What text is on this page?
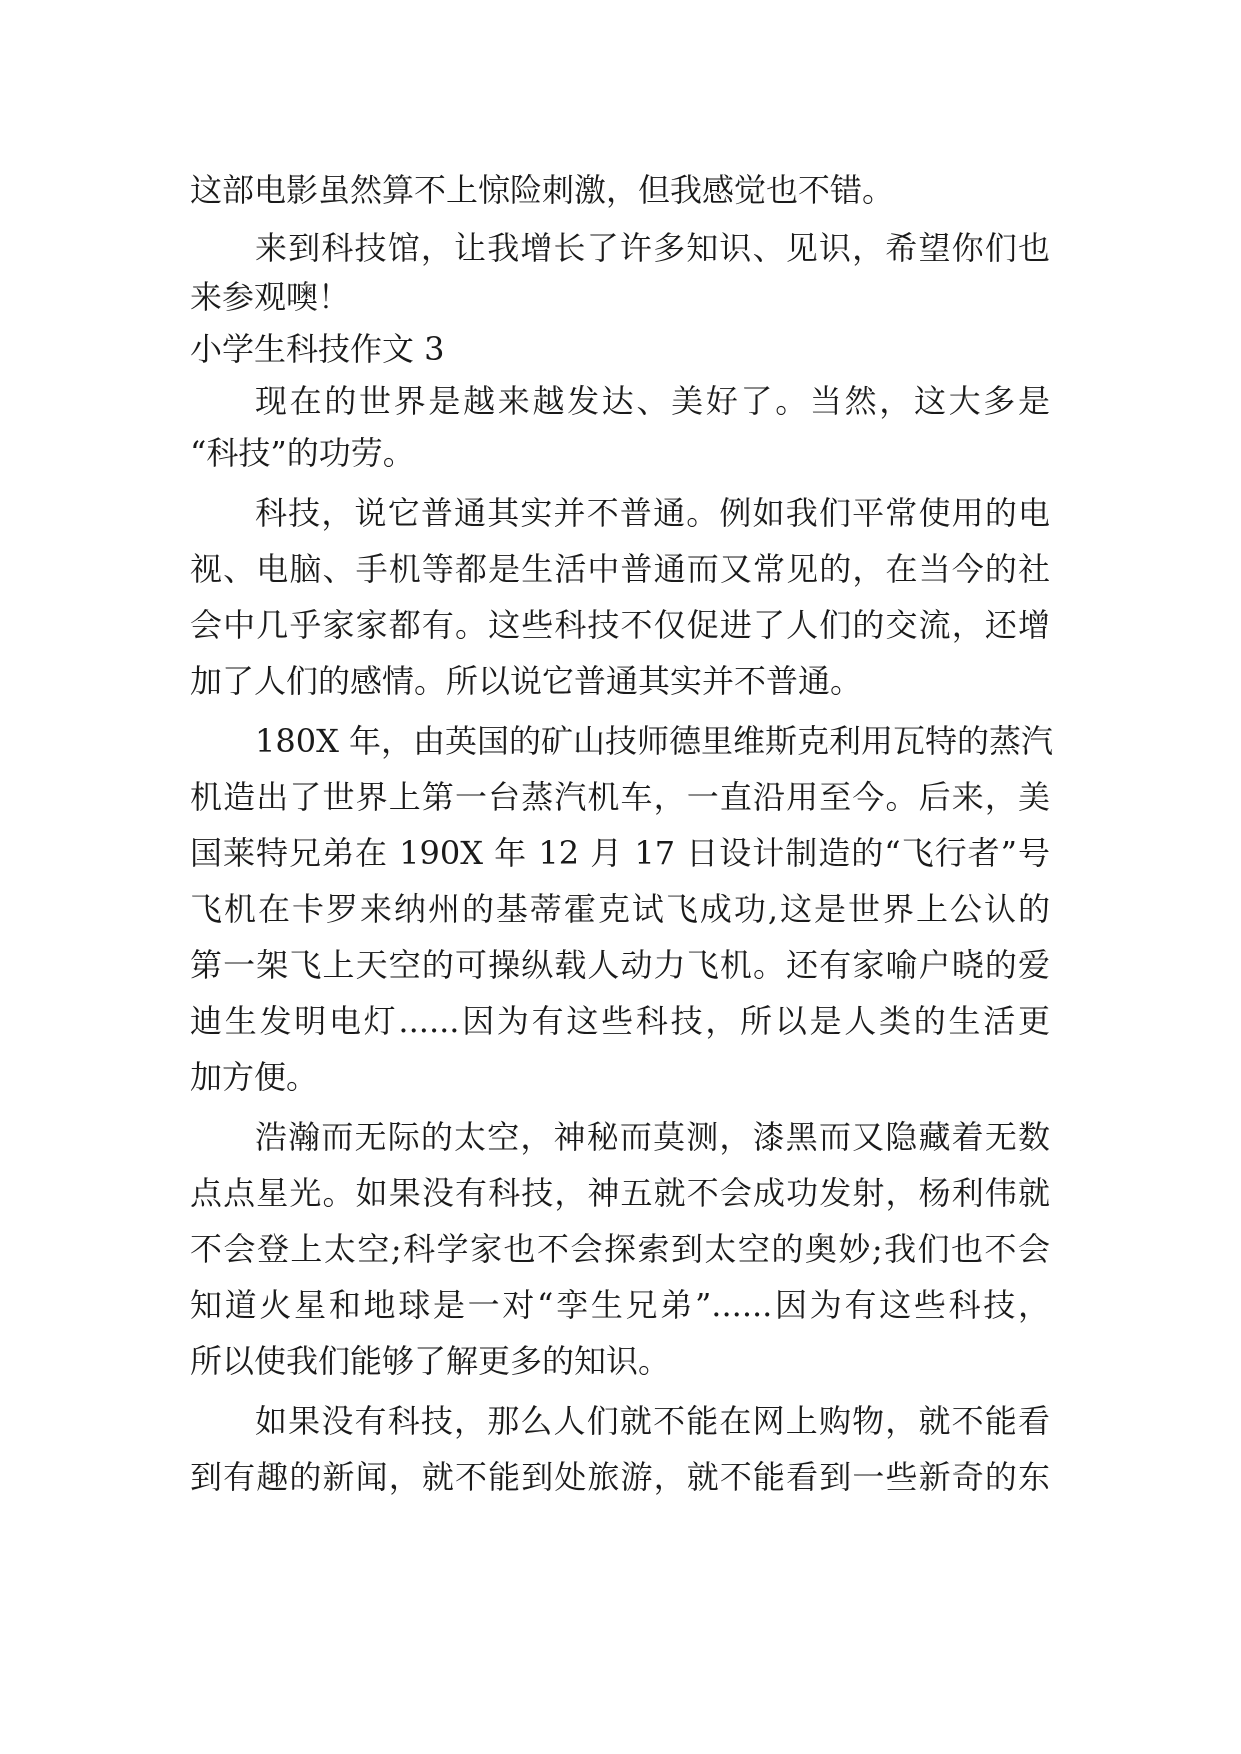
这部电影虽然算不上惊险刺激，但我感觉也不错。
来到科技馆，让我增长了许多知识、见识，希望你们也
来参观噢！
小学生科技作文 3
现在的世界是越来越发达、美好了。当然，这大多是
“科技”的功劳。
科技，说它普通其实并不普通。例如我们平常使用的电
视、电脑、手机等都是生活中普通而又常见的，在当今的社
会中几乎家家都有。这些科技不仅促进了人们的交流，还增
加了人们的感情。所以说它普通其实并不普通。
180X 年，由英国的矿山技师德里维斯克利用瓦特的蒸汽
机造出了世界上第一台蒸汽机车，一直沿用至今。后来，美
国莱特兄弟在 190X 年 12 月 17 日设计制造的“飞行者”号
飞机在卡罗来纳州的基蒂霍克试飞成功,这是世界上公认的
第一架飞上天空的可操纵载人动力飞机。还有家喻户晓的爱
迪生发明电灯......因为有这些科技，所以是人类的生活更
加方便。
浩瀚而无际的太空，神秘而莫测，漆黑而又隐藏着无数
点点星光。如果没有科技，神五就不会成功发射，杨利伟就
不会登上太空;科学家也不会探索到太空的奥妙;我们也不会
知道火星和地球是一对“孪生兄弟”......因为有这些科技，
所以使我们能够了解更多的知识。
如果没有科技，那么人们就不能在网上购物，就不能看
到有趣的新闻，就不能到处旅游，就不能看到一些新奇的东
